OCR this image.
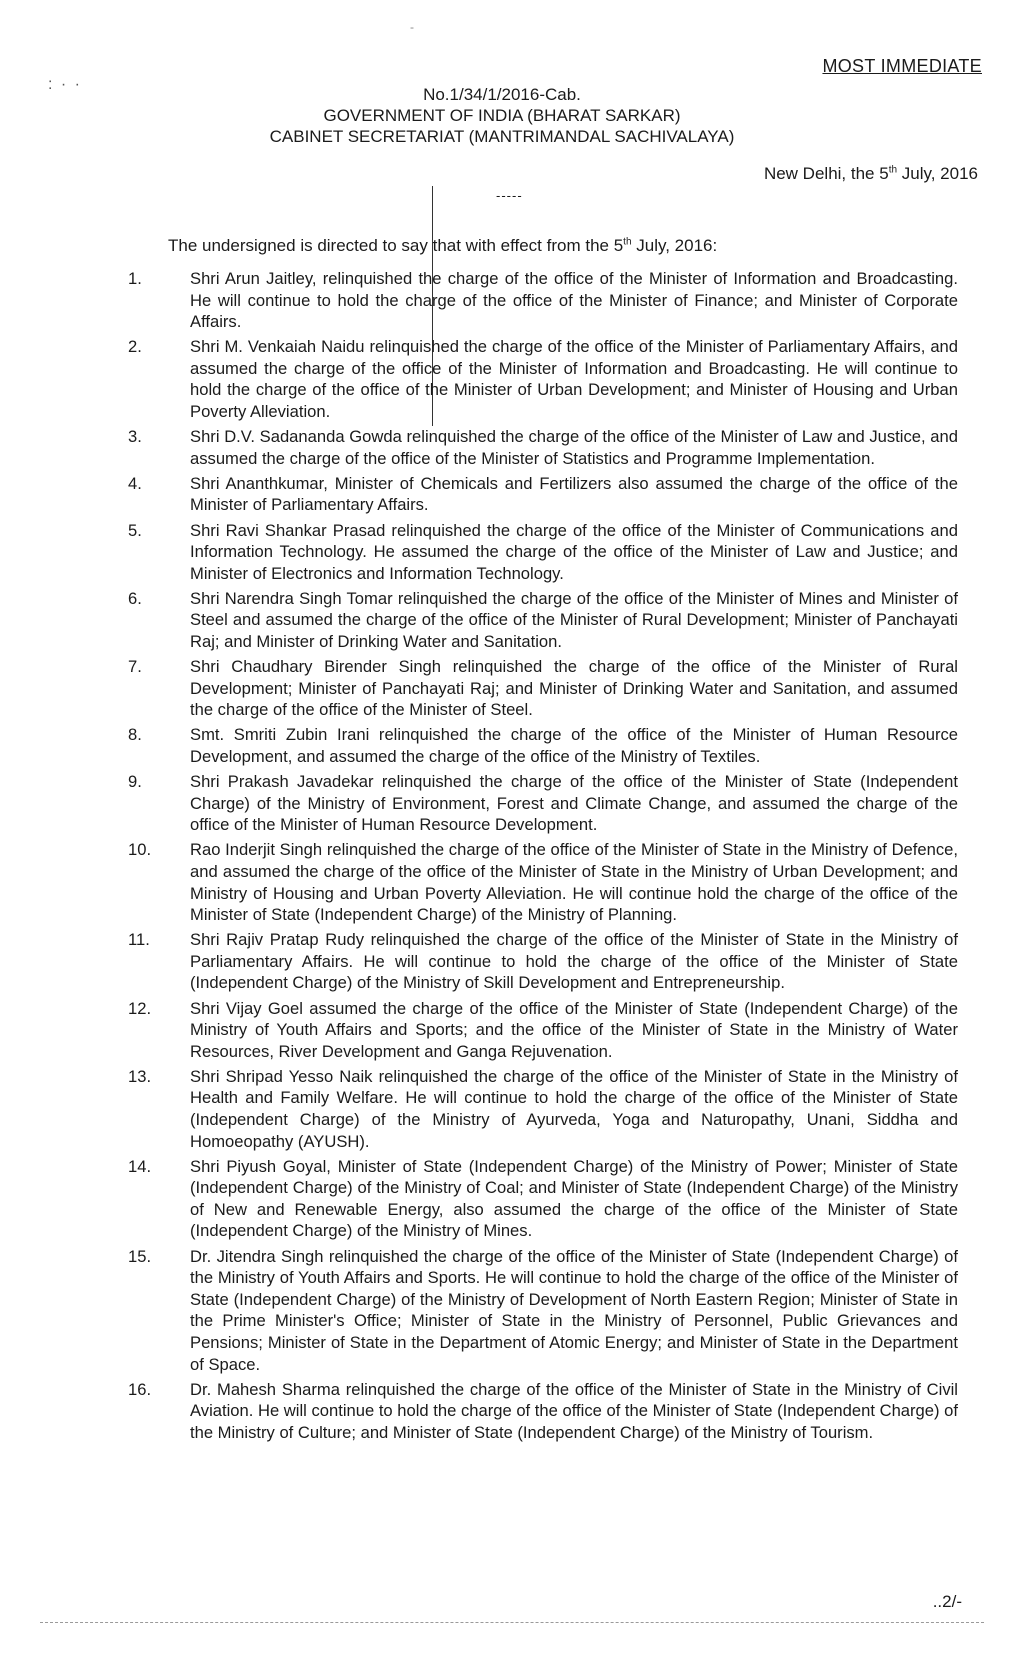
-
: · ·
MOST IMMEDIATE
No.1/34/1/2016-Cab.
GOVERNMENT OF INDIA (BHARAT SARKAR)
CABINET SECRETARIAT (MANTRIMANDAL SACHIVALAYA)
New Delhi, the 5th July, 2016
-----
The undersigned is directed to say that with effect from the 5th July, 2016:
1.	Shri Arun Jaitley, relinquished the charge of the office of the Minister of Information and Broadcasting. He will continue to hold the charge of the office of the Minister of Finance; and Minister of Corporate Affairs.
2.	Shri M. Venkaiah Naidu relinquished the charge of the office of the Minister of Parliamentary Affairs, and assumed the charge of the office of the Minister of Information and Broadcasting. He will continue to hold the charge of the office of the Minister of Urban Development; and Minister of Housing and Urban Poverty Alleviation.
3.	Shri D.V. Sadananda Gowda relinquished the charge of the office of the Minister of Law and Justice, and assumed the charge of the office of the Minister of Statistics and Programme Implementation.
4.	Shri Ananthkumar, Minister of Chemicals and Fertilizers also assumed the charge of the office of the Minister of Parliamentary Affairs.
5.	Shri Ravi Shankar Prasad relinquished the charge of the office of the Minister of Communications and Information Technology. He assumed the charge of the office of the Minister of Law and Justice; and Minister of Electronics and Information Technology.
6.	Shri Narendra Singh Tomar relinquished the charge of the office of the Minister of Mines and Minister of Steel and assumed the charge of the office of the Minister of Rural Development; Minister of Panchayati Raj; and Minister of Drinking Water and Sanitation.
7.	Shri Chaudhary Birender Singh relinquished the charge of the office of the Minister of Rural Development; Minister of Panchayati Raj; and Minister of Drinking Water and Sanitation, and assumed the charge of the office of the Minister of Steel.
8.	Smt. Smriti Zubin Irani relinquished the charge of the office of the Minister of Human Resource Development, and assumed the charge of the office of the Ministry of Textiles.
9.	Shri Prakash Javadekar relinquished the charge of the office of the Minister of State (Independent Charge) of the Ministry of Environment, Forest and Climate Change, and assumed the charge of the office of the Minister of Human Resource Development.
10.	Rao Inderjit Singh relinquished the charge of the office of the Minister of State in the Ministry of Defence, and assumed the charge of the office of the Minister of State in the Ministry of Urban Development; and Ministry of Housing and Urban Poverty Alleviation. He will continue hold the charge of the office of the Minister of State (Independent Charge) of the Ministry of Planning.
11.	Shri Rajiv Pratap Rudy relinquished the charge of the office of the Minister of State in the Ministry of Parliamentary Affairs. He will continue to hold the charge of the office of the Minister of State (Independent Charge) of the Ministry of Skill Development and Entrepreneurship.
12.	Shri Vijay Goel assumed the charge of the office of the Minister of State (Independent Charge) of the Ministry of Youth Affairs and Sports; and the office of the Minister of State in the Ministry of Water Resources, River Development and Ganga Rejuvenation.
13.	Shri Shripad Yesso Naik relinquished the charge of the office of the Minister of State in the Ministry of Health and Family Welfare. He will continue to hold the charge of the office of the Minister of State (Independent Charge) of the Ministry of Ayurveda, Yoga and Naturopathy, Unani, Siddha and Homoeopathy (AYUSH).
14.	Shri Piyush Goyal, Minister of State (Independent Charge) of the Ministry of Power; Minister of State (Independent Charge) of the Ministry of Coal; and Minister of State (Independent Charge) of the Ministry of New and Renewable Energy, also assumed the charge of the office of the Minister of State (Independent Charge) of the Ministry of Mines.
15.	Dr. Jitendra Singh relinquished the charge of the office of the Minister of State (Independent Charge) of the Ministry of Youth Affairs and Sports. He will continue to hold the charge of the office of the Minister of State (Independent Charge) of the Ministry of Development of North Eastern Region; Minister of State in the Prime Minister's Office; Minister of State in the Ministry of Personnel, Public Grievances and Pensions; Minister of State in the Department of Atomic Energy; and Minister of State in the Department of Space.
16.	Dr. Mahesh Sharma relinquished the charge of the office of the Minister of State in the Ministry of Civil Aviation. He will continue to hold the charge of the office of the Minister of State (Independent Charge) of the Ministry of Culture; and Minister of State (Independent Charge) of the Ministry of Tourism.
..2/-
